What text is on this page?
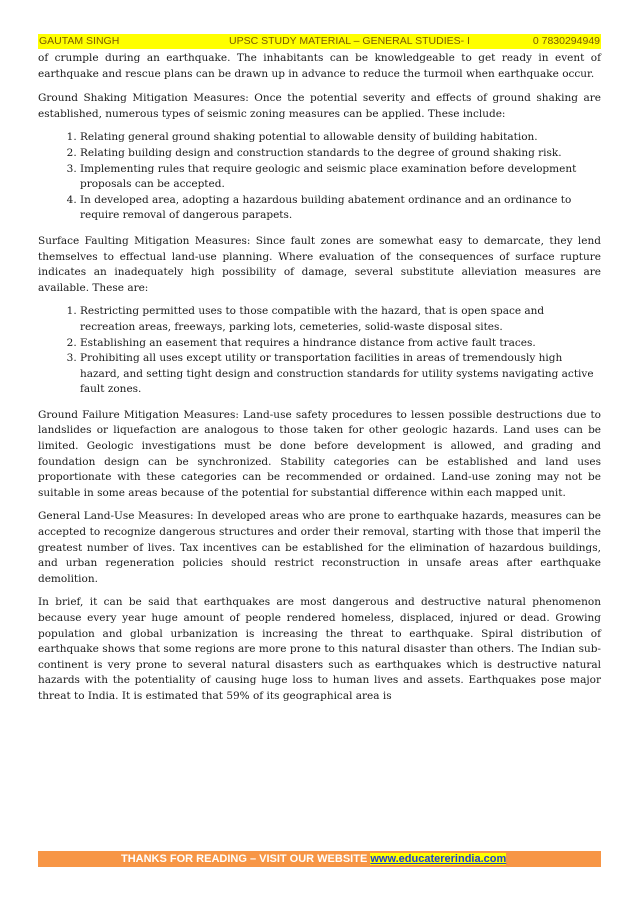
GAUTAM SINGH	UPSC STUDY MATERIAL – GENERAL STUDIES- I	0 7830294949

of crumple during an earthquake. The inhabitants can be knowledgeable to get ready in event of earthquake and rescue plans can be drawn up in advance to reduce the turmoil when earthquake occur.

Ground Shaking Mitigation Measures: Once the potential severity and effects of ground shaking are established, numerous types of seismic zoning measures can be applied. These include:

1. Relating general ground shaking potential to allowable density of building habitation.
2. Relating building design and construction standards to the degree of ground shaking risk.
3. Implementing rules that require geologic and seismic place examination before development proposals can be accepted.
4. In developed area, adopting a hazardous building abatement ordinance and an ordinance to require removal of dangerous parapets.

Surface Faulting Mitigation Measures: Since fault zones are somewhat easy to demarcate, they lend themselves to effectual land-use planning. Where evaluation of the consequences of surface rupture indicates an inadequately high possibility of damage, several substitute alleviation measures are available. These are:

1. Restricting permitted uses to those compatible with the hazard, that is open space and recreation areas, freeways, parking lots, cemeteries, solid-waste disposal sites.
2. Establishing an easement that requires a hindrance distance from active fault traces.
3. Prohibiting all uses except utility or transportation facilities in areas of tremendously high hazard, and setting tight design and construction standards for utility systems navigating active fault zones.

Ground Failure Mitigation Measures: Land-use safety procedures to lessen possible destructions due to landslides or liquefaction are analogous to those taken for other geologic hazards. Land uses can be limited. Geologic investigations must be done before development is allowed, and grading and foundation design can be synchronized. Stability categories can be established and land uses proportionate with these categories can be recommended or ordained. Land-use zoning may not be suitable in some areas because of the potential for substantial difference within each mapped unit.

General Land-Use Measures: In developed areas who are prone to earthquake hazards, measures can be accepted to recognize dangerous structures and order their removal, starting with those that imperil the greatest number of lives. Tax incentives can be established for the elimination of hazardous buildings, and urban regeneration policies should restrict reconstruction in unsafe areas after earthquake demolition.

In brief, it can be said that earthquakes are most dangerous and destructive natural phenomenon because every year huge amount of people rendered homeless, displaced, injured or dead. Growing population and global urbanization is increasing the threat to earthquake. Spiral distribution of earthquake shows that some regions are more prone to this natural disaster than others. The Indian sub-continent is very prone to several natural disasters such as earthquakes which is destructive natural hazards with the potentiality of causing huge loss to human lives and assets. Earthquakes pose major threat to India. It is estimated that 59% of its geographical area is

THANKS FOR READING – VISIT OUR WEBSITE www.educatererindia.com
